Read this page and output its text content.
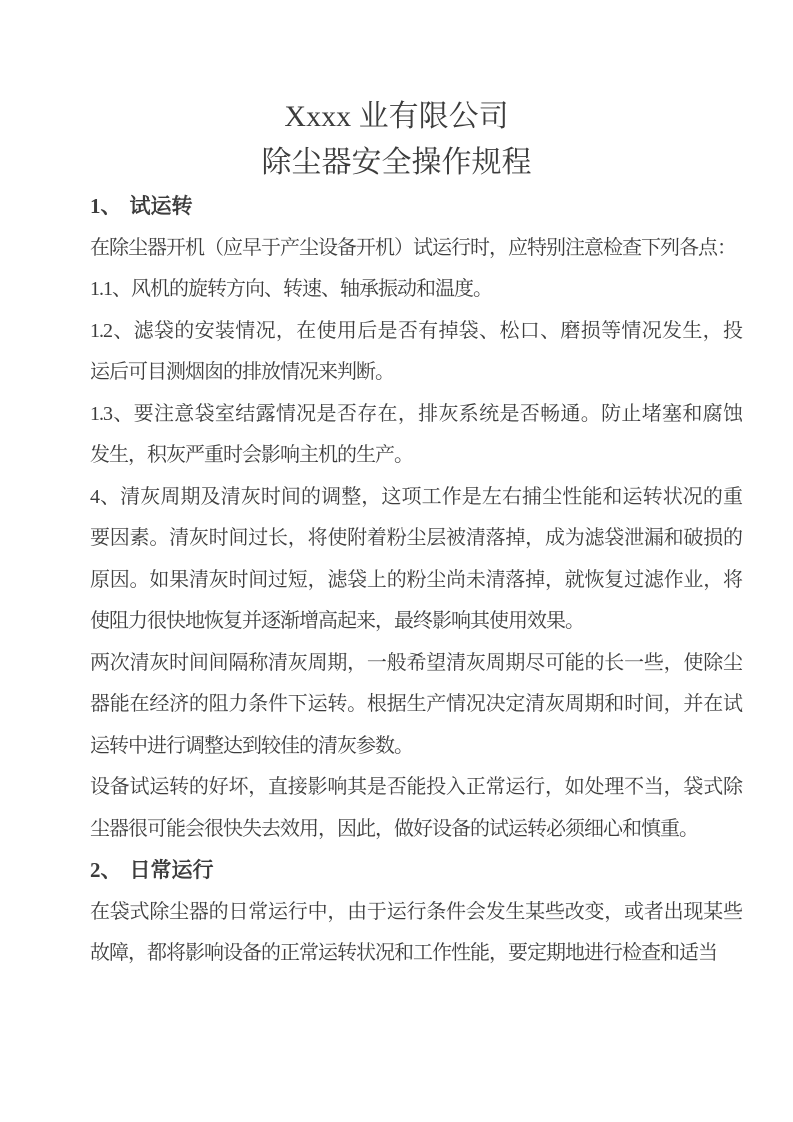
Xxxx 业有限公司
除尘器安全操作规程
1、 试运转
在除尘器开机（应早于产尘设备开机）试运行时，应特别注意检查下列各点：
1.1、风机的旋转方向、转速、轴承振动和温度。
1.2、滤袋的安装情况，在使用后是否有掉袋、松口、磨损等情况发生，投
运后可目测烟囱的排放情况来判断。
1.3、要注意袋室结露情况是否存在，排灰系统是否畅通。防止堵塞和腐蚀
发生，积灰严重时会影响主机的生产。
4、清灰周期及清灰时间的调整，这项工作是左右捕尘性能和运转状况的重
要因素。清灰时间过长，将使附着粉尘层被清落掉，成为滤袋泄漏和破损的
原因。如果清灰时间过短，滤袋上的粉尘尚未清落掉，就恢复过滤作业，将
使阻力很快地恢复并逐渐增高起来，最终影响其使用效果。
两次清灰时间间隔称清灰周期，一般希望清灰周期尽可能的长一些，使除尘
器能在经济的阻力条件下运转。根据生产情况决定清灰周期和时间，并在试
运转中进行调整达到较佳的清灰参数。
设备试运转的好坏，直接影响其是否能投入正常运行，如处理不当，袋式除
尘器很可能会很快失去效用，因此，做好设备的试运转必须细心和慎重。
2、 日常运行
在袋式除尘器的日常运行中，由于运行条件会发生某些改变，或者出现某些
故障，都将影响设备的正常运转状况和工作性能，要定期地进行检查和适当
